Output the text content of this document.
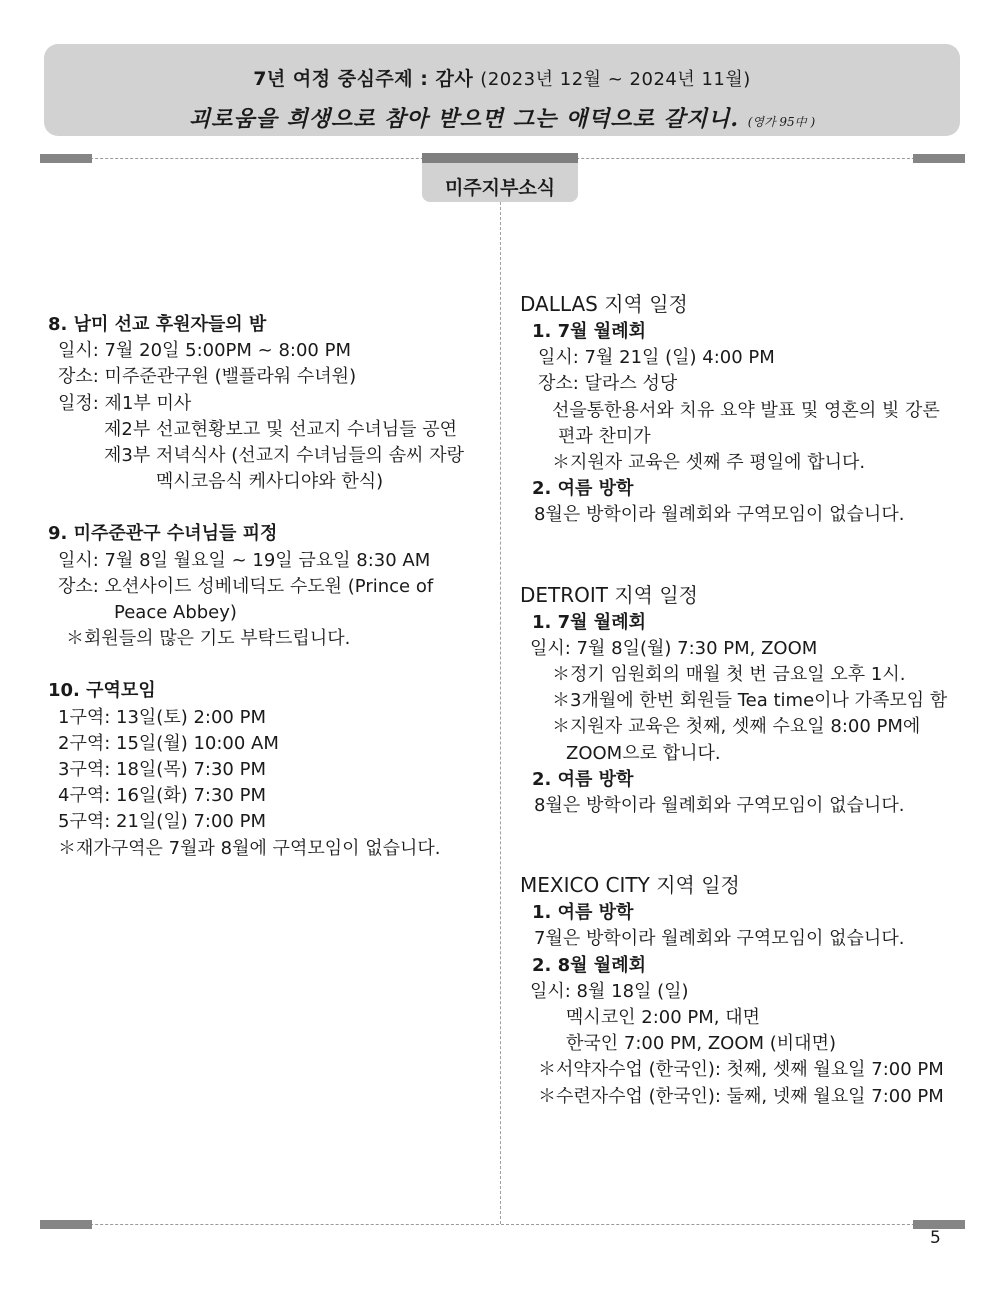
7년 여정 중심주제 : 감사 (2023년 12월 ~ 2024년 11월)
괴로움을 희생으로 참아 받으면 그는 애덕으로 갈지니. (영가 95中 )
미주지부소식
8. 남미 선교 후원자들의 밤
일시: 7월 20일 5:00PM ~ 8:00 PM
장소: 미주준관구원 (밸플라워 수녀원)
일정: 제1부 미사
제2부 선교현황보고 및 선교지 수녀님들 공연
제3부 저녁식사 (선교지 수녀님들의 솜씨 자랑
멕시코음식 케사디야와 한식)
9. 미주준관구 수녀님들 피정
일시: 7월 8일 월요일 ~ 19일 금요일 8:30 AM
장소: 오션사이드 성베네딕도 수도원 (Prince of
Peace Abbey)
＊회원들의 많은 기도 부탁드립니다.
10. 구역모임
1구역: 13일(토) 2:00 PM
2구역: 15일(월) 10:00 AM
3구역: 18일(목) 7:30 PM
4구역: 16일(화) 7:30 PM
5구역: 21일(일) 7:00 PM
＊재가구역은 7월과 8월에 구역모임이 없습니다.
DALLAS 지역 일정
1. 7월 월례회
일시: 7월 21일 (일) 4:00 PM
장소: 달라스 성당
선을통한용서와 치유 요약 발표 및 영혼의 빛 강론
편과 찬미가
＊지원자 교육은 셋째 주 평일에 합니다.
2. 여름 방학
8월은 방학이라 월례회와 구역모임이 없습니다.
DETROIT 지역 일정
1. 7월 월례회
일시: 7월 8일(월) 7:30 PM, ZOOM
＊정기 임원회의 매월 첫 번 금요일 오후 1시.
＊3개월에 한번 회원들 Tea time이나 가족모임 함
＊지원자 교육은 첫째, 셋째 수요일 8:00 PM에
ZOOM으로 합니다.
2. 여름 방학
8월은 방학이라 월례회와 구역모임이 없습니다.
MEXICO CITY 지역 일정
1. 여름 방학
7월은 방학이라 월례회와 구역모임이 없습니다.
2. 8월 월례회
일시: 8월 18일 (일)
멕시코인 2:00 PM, 대면
한국인 7:00 PM, ZOOM (비대면)
＊서약자수업 (한국인): 첫째, 셋째 월요일 7:00 PM
＊수련자수업 (한국인): 둘째, 넷째 월요일 7:00 PM
5
